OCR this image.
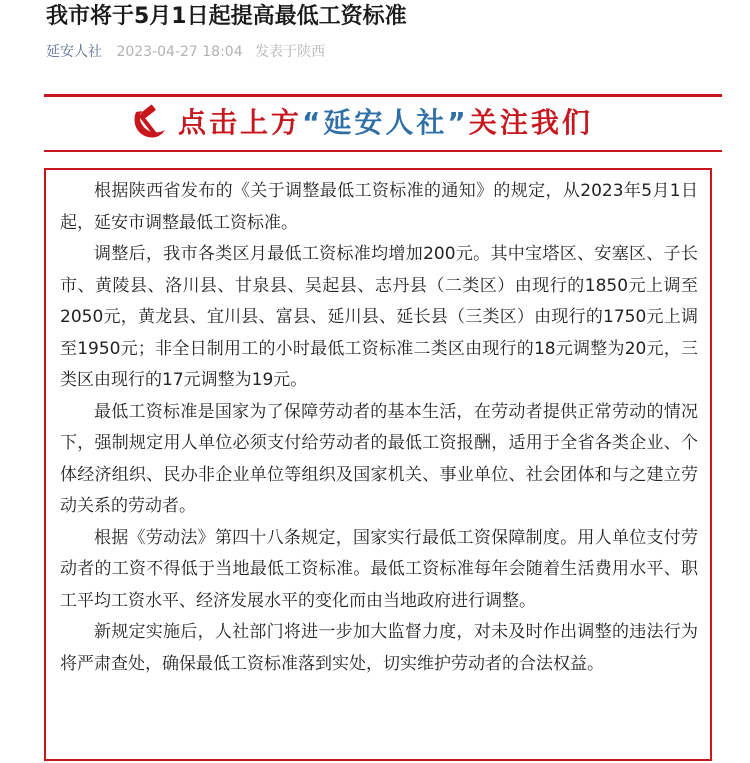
我市将于5月1日起提高最低工资标准
延安人社 2023-04-27 18:04 发表于陕西
点击上方“延安人社”关注我们

根据陕西省发布的《关于调整最低工资标准的通知》的规定，从2023年5月1日起，延安市调整最低工资标准。

调整后，我市各类区月最低工资标准均增加200元。其中宝塔区、安塞区、子长市、黄陵县、洛川县、甘泉县、吴起县、志丹县（二类区）由现行的1850元上调至2050元，黄龙县、宜川县、富县、延川县、延长县（三类区）由现行的1750元上调至1950元；非全日制用工的小时最低工资标准二类区由现行的18元调整为20元，三类区由现行的17元调整为19元。

最低工资标准是国家为了保障劳动者的基本生活，在劳动者提供正常劳动的情况下，强制规定用人单位必须支付给劳动者的最低工资报酬，适用于全省各类企业、个体经济组织、民办非企业单位等组织及国家机关、事业单位、社会团体和与之建立劳动关系的劳动者。

根据《劳动法》第四十八条规定，国家实行最低工资保障制度。用人单位支付劳动者的工资不得低于当地最低工资标准。最低工资标准每年会随着生活费用水平、职工平均工资水平、经济发展水平的变化而由当地政府进行调整。

新规定实施后，人社部门将进一步加大监督力度，对未及时作出调整的违法行为将严肃查处，确保最低工资标准落到实处，切实维护劳动者的合法权益。
